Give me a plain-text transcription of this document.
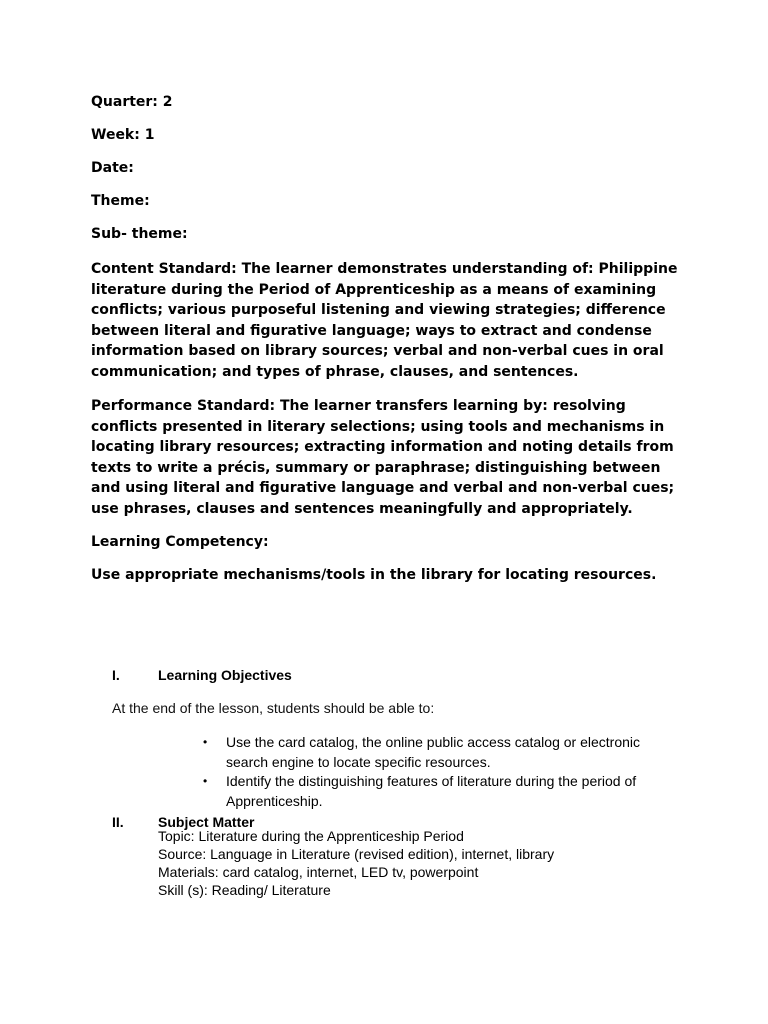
Quarter: 2
Week: 1
Date:
Theme:
Sub- theme:

Content Standard: The learner demonstrates understanding of: Philippine literature during the Period of Apprenticeship as a means of examining conflicts; various purposeful listening and viewing strategies; difference between literal and figurative language; ways to extract and condense information based on library sources; verbal and non-verbal cues in oral communication; and types of phrase, clauses, and sentences.

Performance Standard: The learner transfers learning by: resolving conflicts presented in literary selections; using tools and mechanisms in locating library resources; extracting information and noting details from texts to write a précis, summary or paraphrase; distinguishing between and using literal and figurative language and verbal and non-verbal cues; use phrases, clauses and sentences meaningfully and appropriately.

Learning Competency:

Use appropriate mechanisms/tools in the library for locating resources.

I.	Learning Objectives
At the end of the lesson, students should be able to:
• Use the card catalog, the online public access catalog or electronic search engine to locate specific resources.
• Identify the distinguishing features of literature during the period of Apprenticeship.
II. Subject Matter
Topic: Literature during the Apprenticeship Period
Source: Language in Literature (revised edition), internet, library
Materials: card catalog, internet, LED tv, powerpoint
Skill (s): Reading/ Literature
